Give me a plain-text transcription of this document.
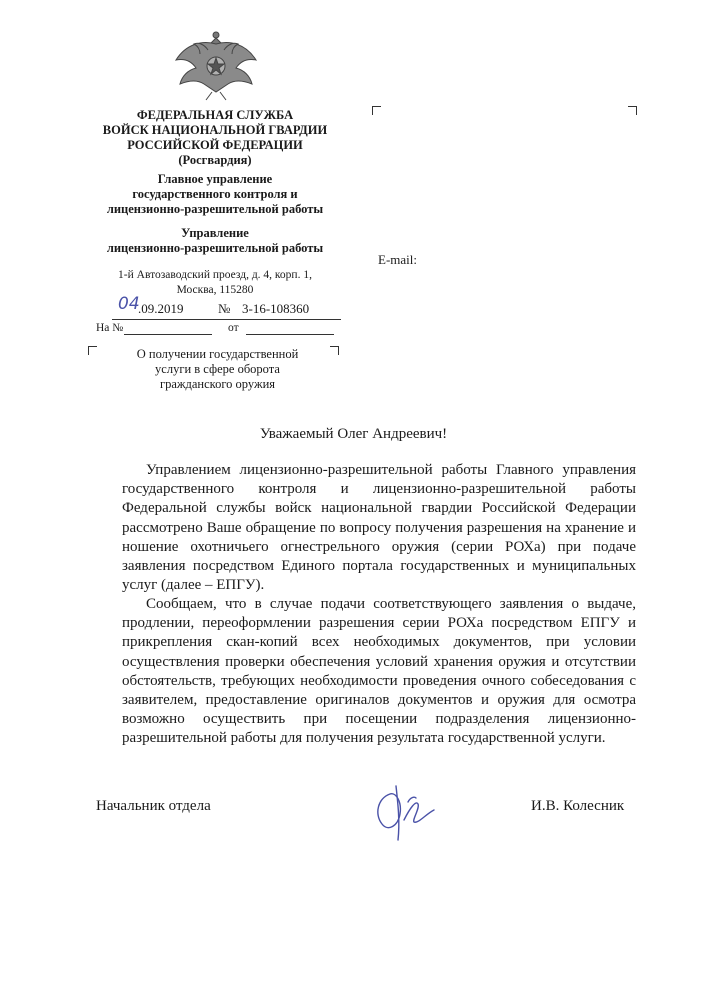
ФЕДЕРАЛЬНАЯ СЛУЖБА
ВОЙСК НАЦИОНАЛЬНОЙ ГВАРДИИ
РОССИЙСКОЙ ФЕДЕРАЦИИ
(Росгвардия)
Главное управление
государственного контроля и
лицензионно-разрешительной работы
Управление
лицензионно-разрешительной работы
1-й Автозаводский проезд, д. 4, корп. 1,
Москва, 115280
04
.09.2019	№ 3-16-108360
На №	от
О получении государственной
услуги в сфере оборота
гражданского оружия
E-mail:
Уважаемый Олег Андреевич!
Управлением лицензионно-разрешительной работы Главного управления государственного контроля и лицензионно-разрешительной работы Федеральной службы войск национальной гвардии Российской Федерации рассмотрено Ваше обращение по вопросу получения разрешения на хранение и ношение охотничьего огнестрельного оружия (серии РОХа) при подаче заявления посредством Единого портала государственных и муниципальных услуг (далее – ЕПГУ).
Сообщаем, что в случае подачи соответствующего заявления о выдаче, продлении, переоформлении разрешения серии РОХа посредством ЕПГУ и прикрепления скан-копий всех необходимых документов, при условии осуществления проверки обеспечения условий хранения оружия и отсутствии обстоятельств, требующих необходимости проведения очного собеседования с заявителем, предоставление оригиналов документов и оружия для осмотра возможно осуществить при посещении подразделения лицензионно-разрешительной работы для получения результата государственной услуги.
Начальник отдела	И.В. Колесник
